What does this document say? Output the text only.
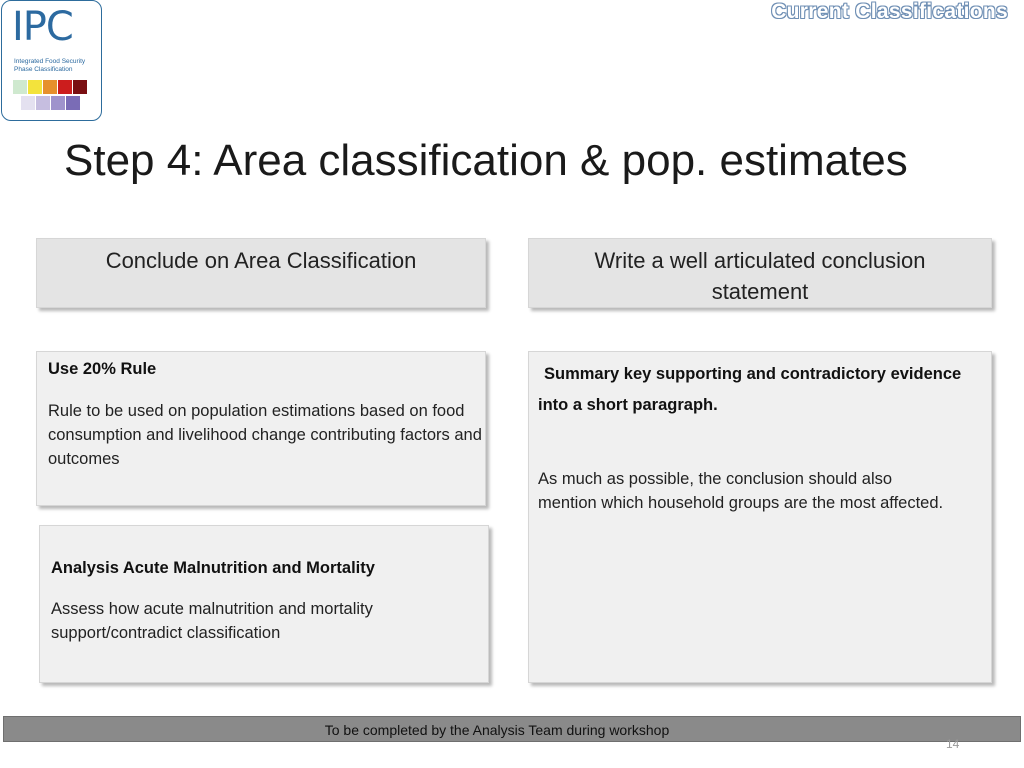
IPC
Integrated Food Security
Phase Classification
Current Classifications
Step 4: Area classification & pop. estimates
Conclude on Area Classification	Write a well articulated conclusion statement
Use 20% Rule
Rule to be used on population estimations based on food consumption and livelihood change contributing factors and outcomes
Analysis Acute Malnutrition and Mortality
Assess how acute malnutrition and mortality support/contradict classification
Summary key supporting and contradictory evidence
into a short paragraph.
As much as possible, the conclusion should also mention which household groups are the most affected.
To be completed by the Analysis Team during workshop
14
